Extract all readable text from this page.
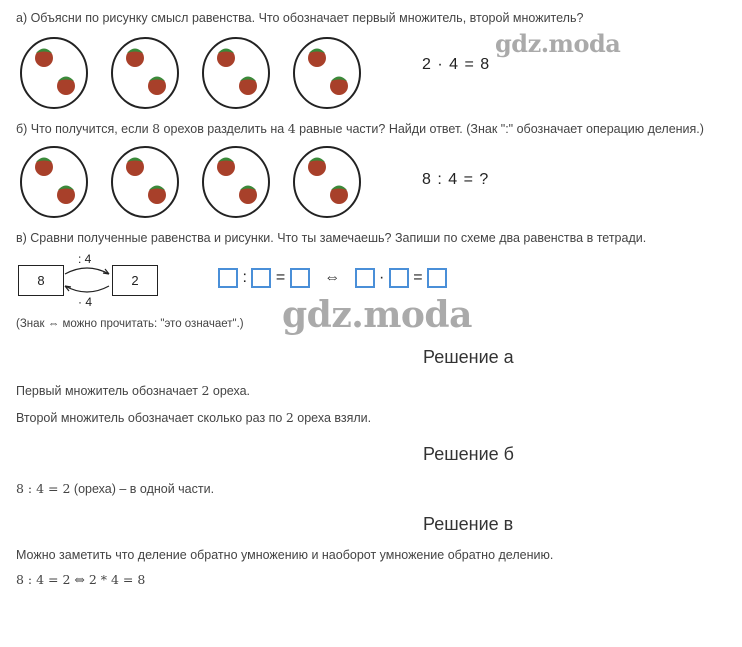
а) Объясни по рисунку смысл равенства. Что обозначает первый множитель, второй множитель?
2 · 4 = 8
gdz.moda
б) Что получится, если 8 орехов разделить на 4 равные части? Найди ответ. (Знак ":" обозначает операцию деления.)
8 : 4 = ?
в) Сравни полученные равенства и рисунки. Что ты замечаешь? Запиши по схеме два равенства в тетради.
8	2
: 4
· 4
: = ⇔ · =
(Знак ⇔ можно прочитать: "это означает".) gdz.moda
Решение а
Первый множитель обозначает 2 ореха.
Второй множитель обозначает сколько раз по 2 ореха взяли.
Решение б
8 : 4 = 2 (ореха) – в одной части.
Решение в
Можно заметить что деление обратно умножению и наоборот умножение обратно делению.
8 : 4 = 2 ⇔ 2 * 4 = 8
